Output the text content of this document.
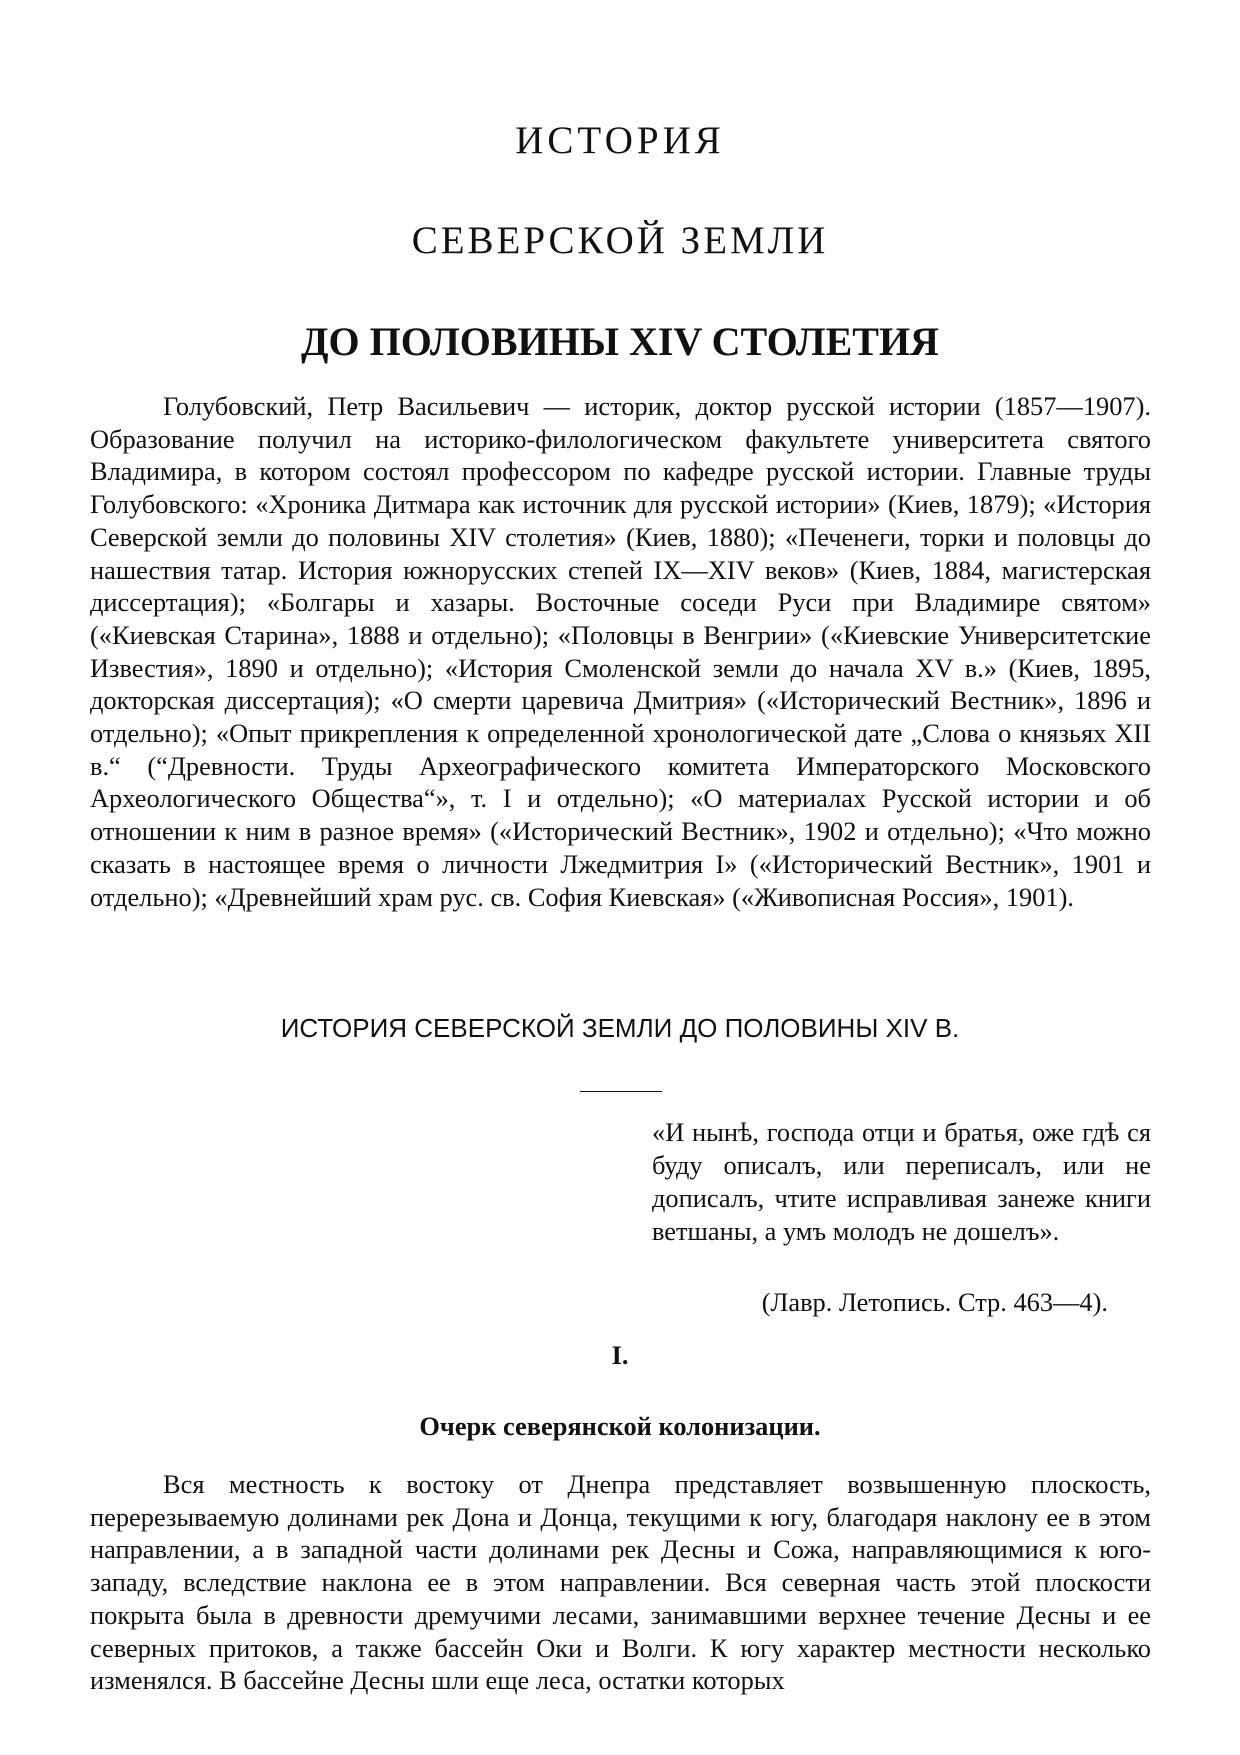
ИСТОРИЯ
СЕВЕРСКОЙ ЗЕМЛИ
ДО ПОЛОВИНЫ XIV СТОЛЕТИЯ

Голубовский, Петр Васильевич — историк, доктор русской истории (1857—1907). Образование получил на историко-филологическом факультете университета святого Владимира, в котором состоял профессором по кафедре русской истории. Главные труды Голубовского: «Хроника Дитмара как источник для русской истории» (Киев, 1879); «История Северской земли до половины XIV столетия» (Киев, 1880); «Печенеги, торки и половцы до нашествия татар. История южнорусских степей IX—XIV веков» (Киев, 1884, магистерская диссертация); «Болгары и хазары. Восточные соседи Руси при Владимире святом» («Киевская Старина», 1888 и отдельно); «Половцы в Венгрии» («Киевские Университетские Известия», 1890 и отдельно); «История Смоленской земли до начала XV в.» (Киев, 1895, докторская диссертация); «О смерти царевича Дмитрия» («Исторический Вестник», 1896 и отдельно); «Опыт прикрепления к определенной хронологической дате „Слова о князьях XII в.“ (“Древности. Труды Археографического комитета Императорского Московского Археологического Общества“», т. I и отдельно); «О материалах Русской истории и об отношении к ним в разное время» («Исторический Вестник», 1902 и отдельно); «Что можно сказать в настоящее время о личности Лжедмитрия I» («Исторический Вестник», 1901 и отдельно); «Древнейший храм рус. св. София Киевская» («Живописная Россия», 1901).

ИСТОРИЯ СЕВЕРСКОЙ ЗЕМЛИ ДО ПОЛОВИНЫ XIV В.

«И нынѣ, господа отци и братья, оже гдѣ ся буду описалъ, или переписалъ, или не дописалъ, чтите исправливая занеже книги ветшаны, а умъ молодъ не дошелъ».

(Лавр. Летопись. Стр. 463—4).
I.
Очерк северянской колонизации.

Вся местность к востоку от Днепра представляет возвышенную плоскость, перерезываемую долинами рек Дона и Донца, текущими к югу, благодаря наклону ее в этом направлении, а в западной части долинами рек Десны и Сожа, направляющимися к юго-западу, вследствие наклона ее в этом направлении. Вся северная часть этой плоскости покрыта была в древности дремучими лесами, занимавшими верхнее течение Десны и ее северных притоков, а также бассейн Оки и Волги. К югу характер местности несколько изменялся. В бассейне Десны шли еще леса, остатки которых
